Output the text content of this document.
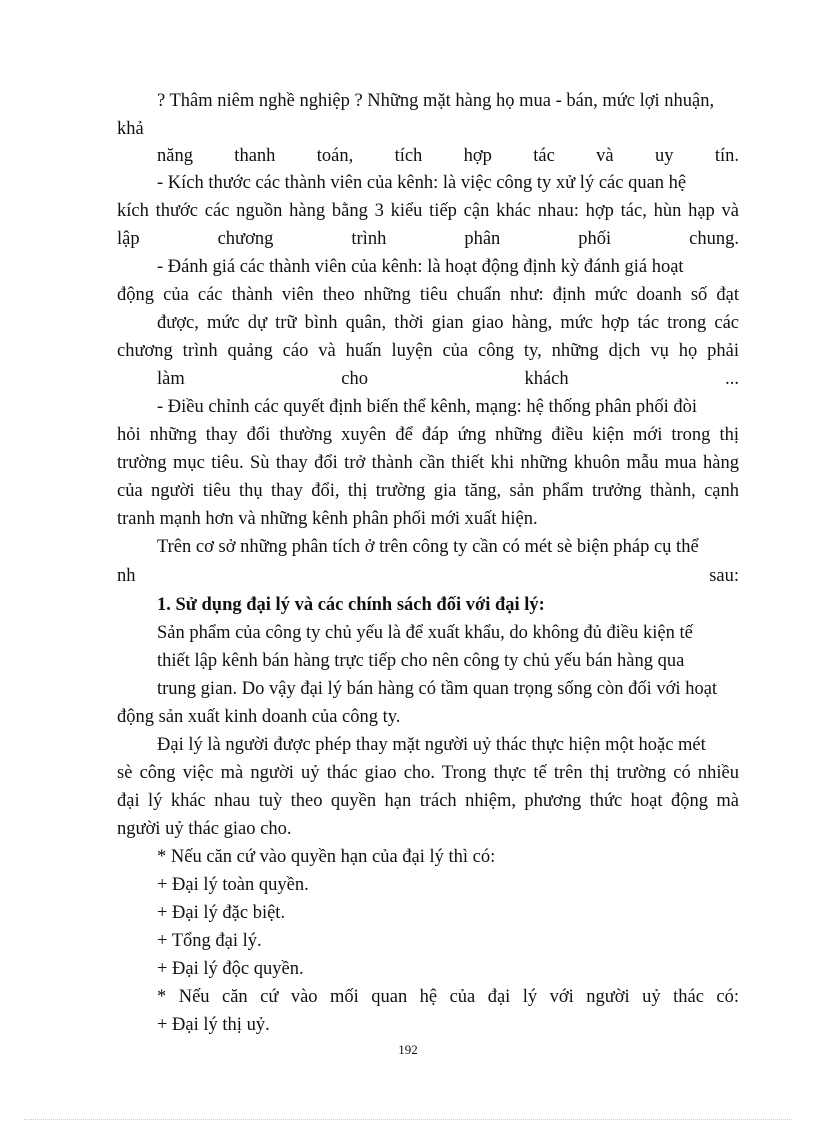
? Thâm niêm nghề nghiệp ? Những mặt hàng họ mua - bán, mức lợi nhuận,
khả
năng thanh toán, tích hợp tác và uy tín.
- Kích thước các thành viên của kênh: là việc công ty xử lý các quan hệ
kích thước các nguồn hàng bằng 3 kiểu tiếp cận khác nhau: hợp tác, hùn hạp và
lập chương trình phân phối chung.
- Đánh giá các thành viên của kênh: là hoạt động định kỳ đánh giá hoạt
động của các thành viên theo những tiêu chuẩn như: định mức doanh số đạt
được, mức dự trữ bình quân, thời gian giao hàng, mức hợp tác trong các
chương trình quảng cáo và huấn luyện của công ty, những dịch vụ họ phải
làm cho khách ...
- Điều chỉnh các quyết định biến thể kênh, mạng: hệ thống phân phối đòi
hỏi những thay đổi thường xuyên để đáp ứng những điều kiện mới trong thị
trường mục tiêu. Sù thay đổi trở thành cần thiết khi những khuôn mẫu mua hàng
của người tiêu thụ thay đổi, thị trường gia tăng, sản phẩm trưởng thành, cạnh
tranh mạnh hơn và những kênh phân phối mới xuất hiện.
Trên cơ sở những phân tích ở trên công ty cần có mét sè biện pháp cụ thể
nh sau:
1. Sử dụng đại lý và các chính sách đối với đại lý:
Sản phẩm của công ty chủ yếu là để xuất khẩu, do không đủ điều kiện tế
thiết lập kênh bán hàng trực tiếp cho nên công ty chủ yếu bán hàng qua
trung gian. Do vậy đại lý bán hàng có tầm quan trọng sống còn đối với hoạt
động sản xuất kinh doanh của công ty.
Đại lý là người được phép thay mặt người uỷ thác thực hiện một hoặc mét
sè công việc mà người uỷ thác giao cho. Trong thực tế trên thị trường có nhiều
đại lý khác nhau tuỳ theo quyền hạn trách nhiệm, phương thức hoạt động mà
người uỷ thác giao cho.
* Nếu căn cứ vào quyền hạn của đại lý thì có:
+ Đại lý toàn quyền.
+ Đại lý đặc biệt.
+ Tổng đại lý.
+ Đại lý độc quyền.
* Nếu căn cứ vào mối quan hệ của đại lý với người uỷ thác có:
+ Đại lý thị uỷ.
192
